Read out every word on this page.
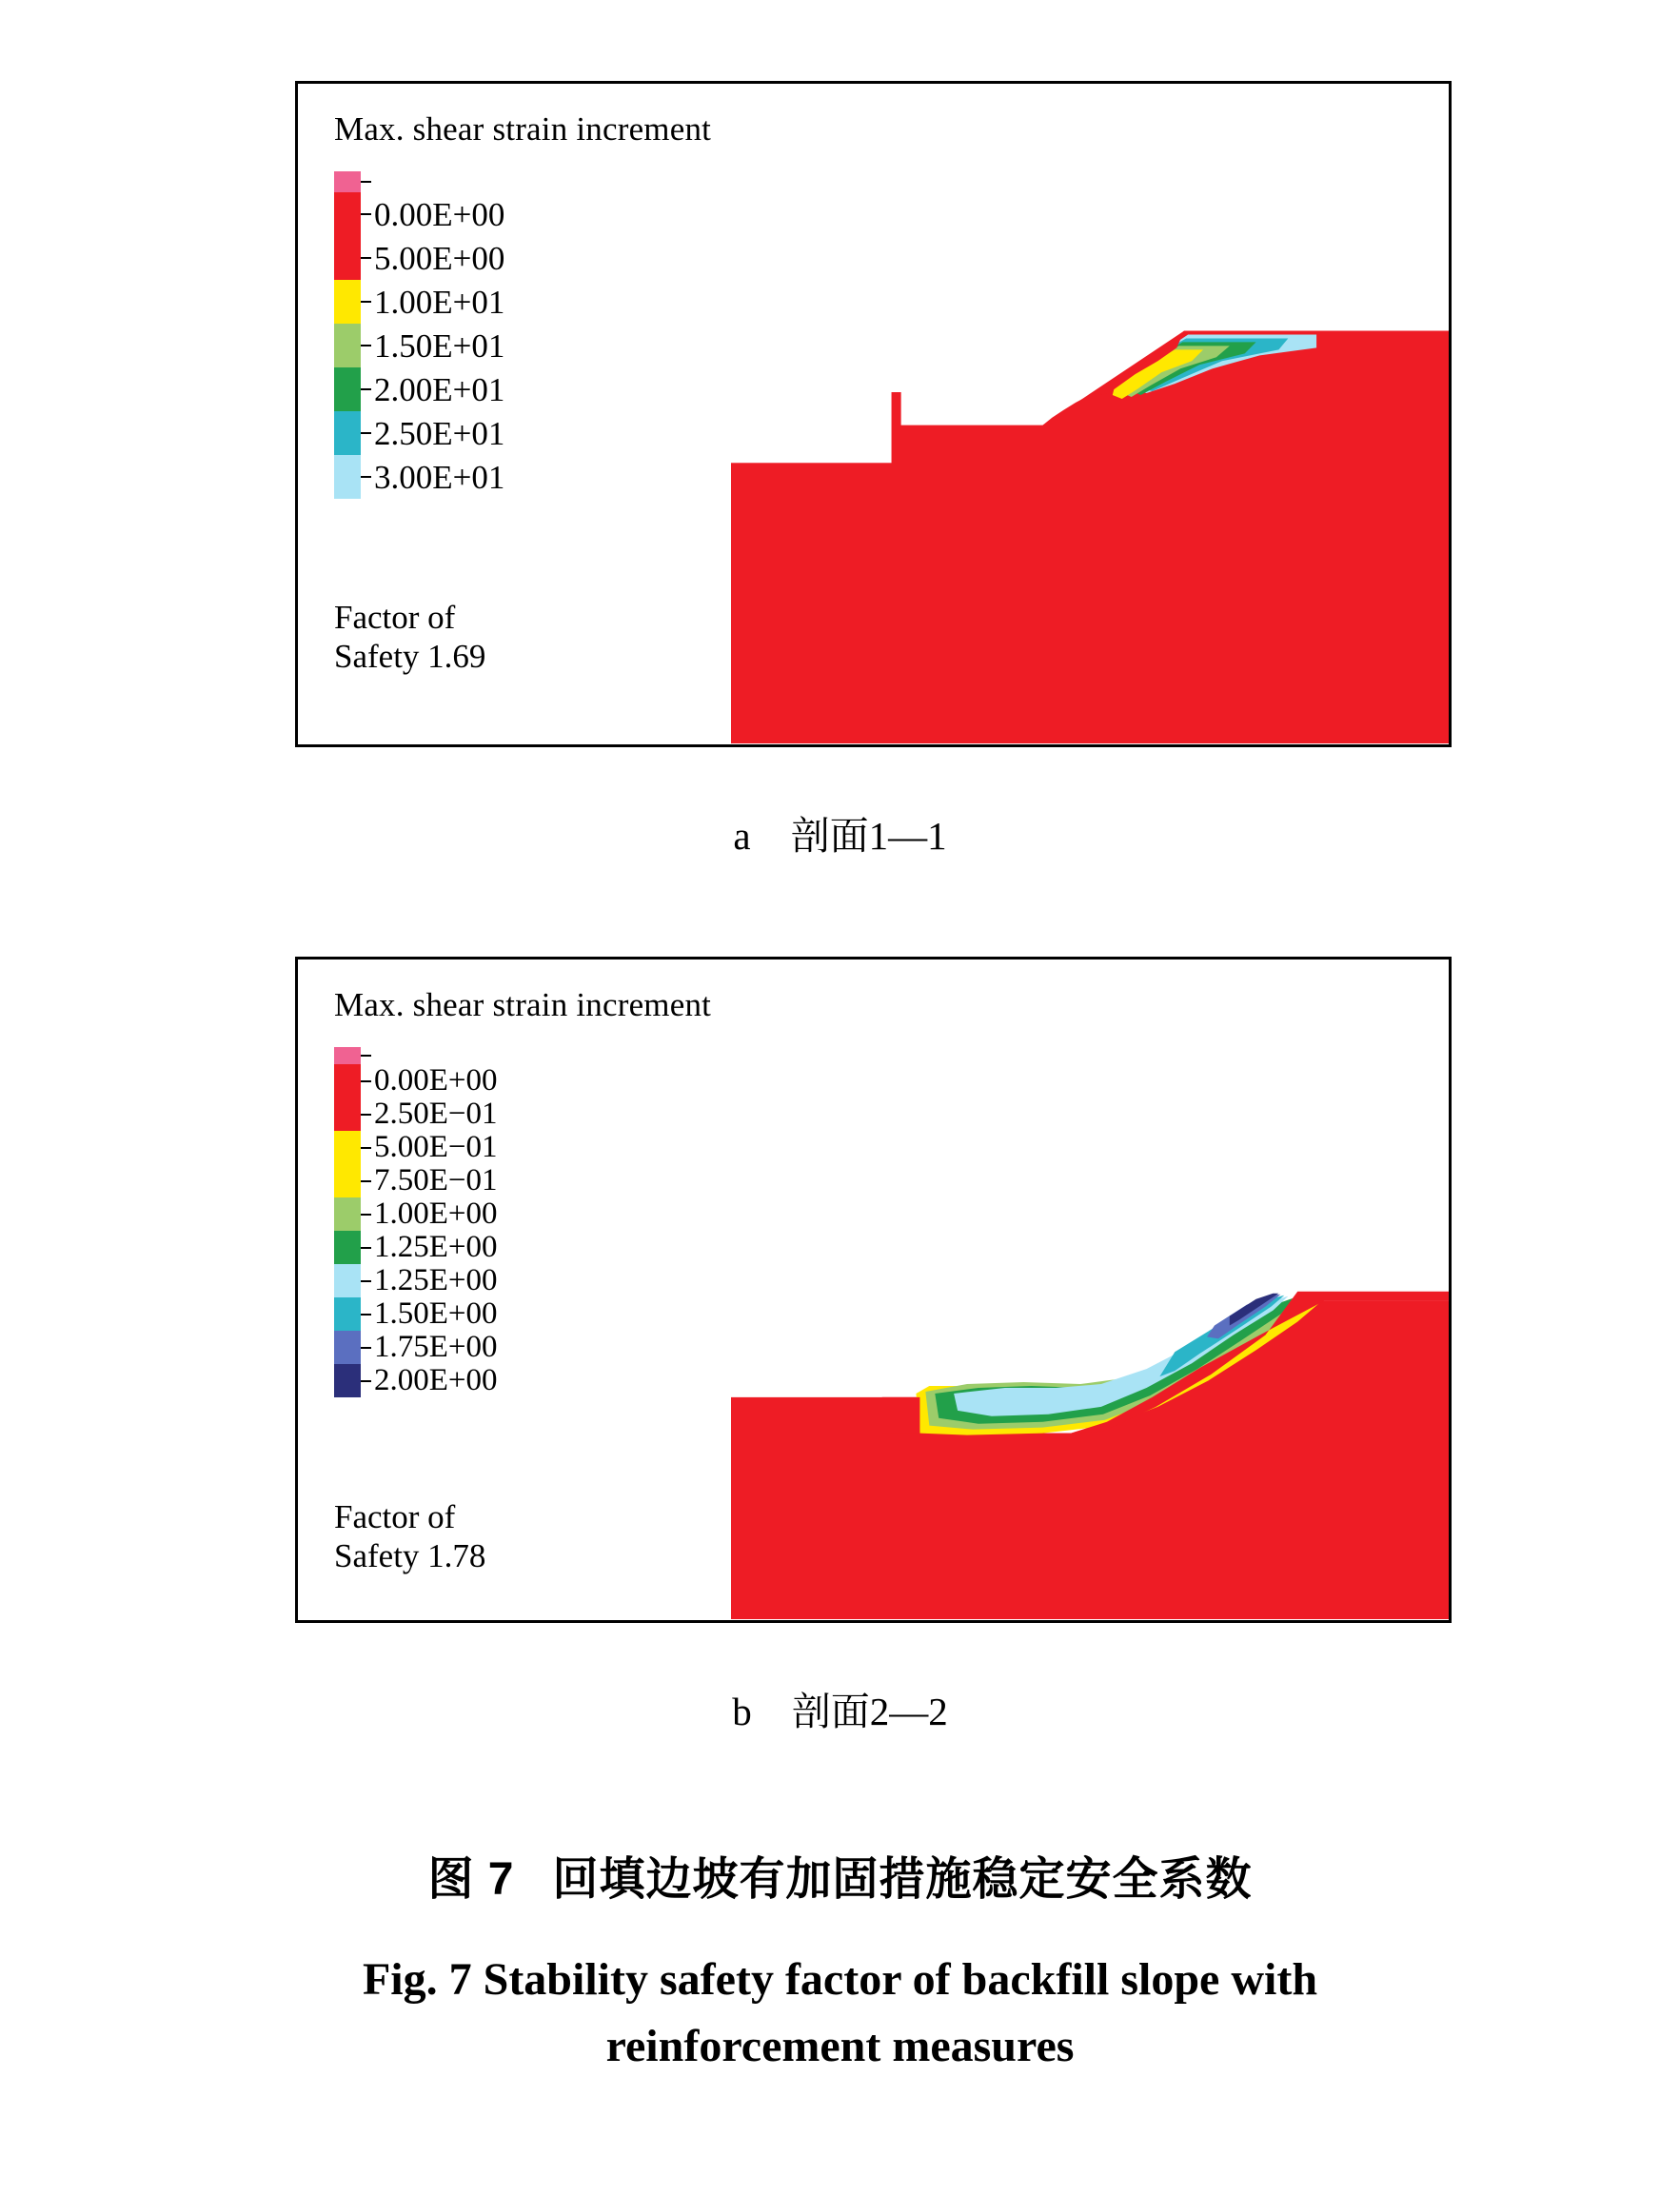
Max. shear strain increment
0.00E+00
5.00E+00
1.00E+01
1.50E+01
2.00E+01
2.50E+01
3.00E+01
Factor of
Safety 1.69
a 剖面1—1
Max. shear strain increment
0.00E+00
2.50E−01
5.00E−01
7.50E−01
1.00E+00
1.25E+00
1.25E+00
1.50E+00
1.75E+00
2.00E+00
Factor of
Safety 1.78
b 剖面2—2
图 7 回填边坡有加固措施稳定安全系数
Fig. 7 Stability safety factor of backfill slope with
reinforcement measures
